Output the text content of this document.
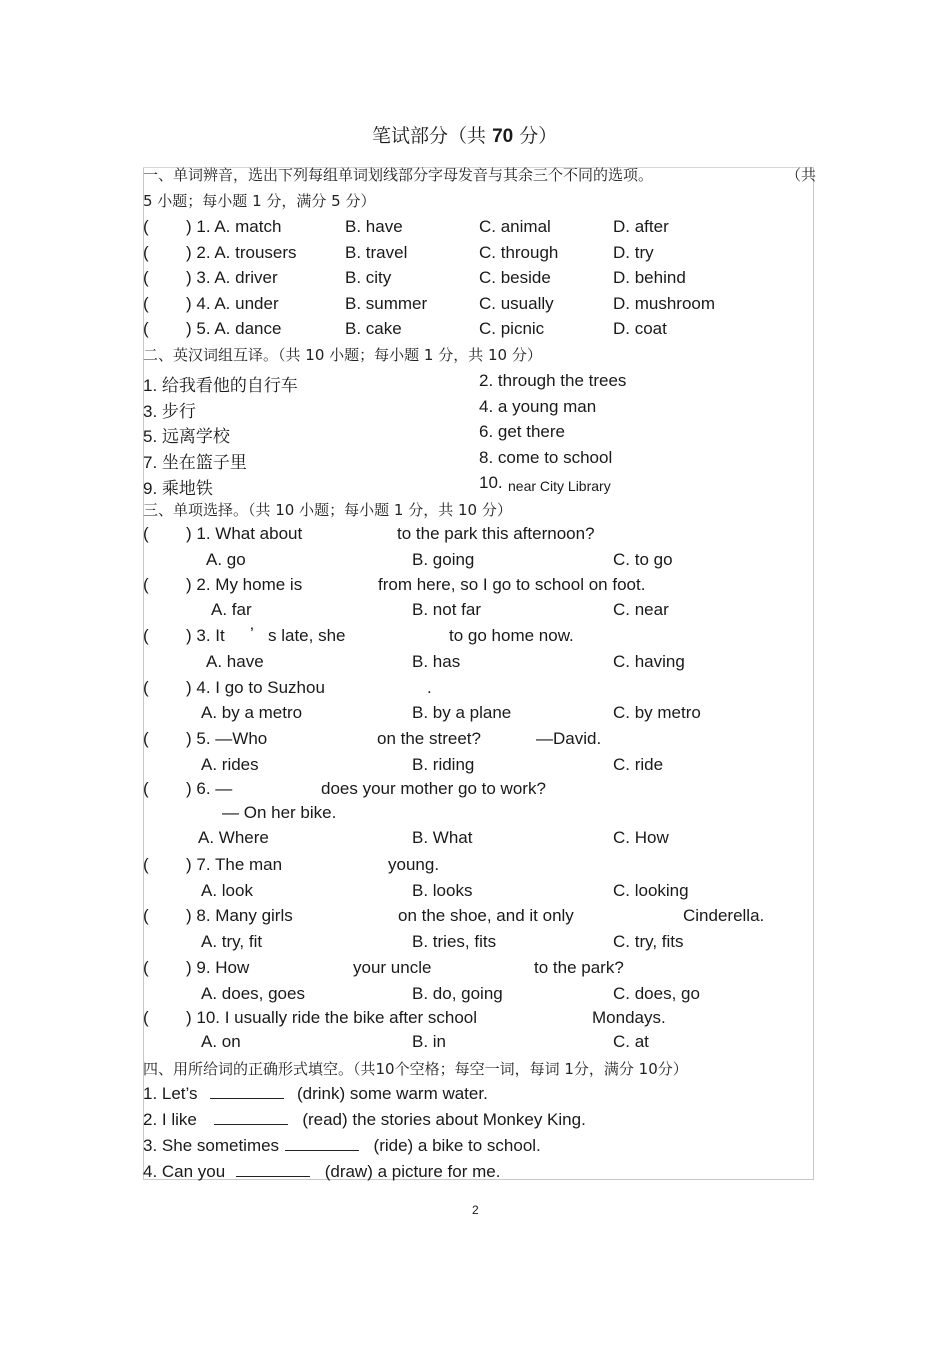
笔试部分（共 70 分）
一、单词辨音，选出下列每组单词划线部分字母发音与其余三个不同的选项。	（共
5 小题；每小题 1 分，满分 5 分）
( ) 1. A. match	B. have	C. animal	D. after
( ) 2. A. trousers	B. travel	C. through	D. try
( ) 3. A. driver	B. city	C. beside	D. behind
( ) 4. A. under	B. summer	C. usually	D. mushroom
( ) 5. A. dance	B. cake	C. picnic	D. coat
二、英汉词组互译。（共 10 小题；每小题 1 分，共 10 分）
1. 给我看他的自行车	2. through the trees
3. 步行	4. a young man
5. 远离学校	6. get there
7. 坐在篮子里	8. come to school
9. 乘地铁	10. near City Library
三、单项选择。（共 10 小题；每小题 1 分，共 10 分）
( ) 1. What about	to the park this afternoon?
A. go	B. going	C. to go
( ) 2. My home is	from here, so I go to school on foot.
A. far	B. not far	C. near
( ) 3. It ’ s late, she	to go home now.
A. have	B. has	C. having
( ) 4. I go to Suzhou	.
A. by a metro	B. by a plane	C. by metro
( ) 5. —Who	on the street?	—David.
A. rides	B. riding	C. ride
( ) 6. —	does your mother go to work?
— On her bike.
A. Where	B. What	C. How
( ) 7. The man	young.
A. look	B. looks	C. looking
( ) 8. Many girls	on the shoe, and it only	Cinderella.
A. try, fit	B. tries, fits	C. try, fits
( ) 9. How	your uncle	to the park?
A. does, goes	B. do, going	C. does, go
( ) 10. I usually ride the bike after school	Mondays.
A. on	B. in	C. at
四、用所给词的正确形式填空。（共10个空格；每空一词，每词 1分，满分 10分）
1. Let’s	(drink) some warm water.
2. I like	(read) the stories about Monkey King.
3. She sometimes	(ride) a bike to school.
4. Can you	(draw) a picture for me.
2
